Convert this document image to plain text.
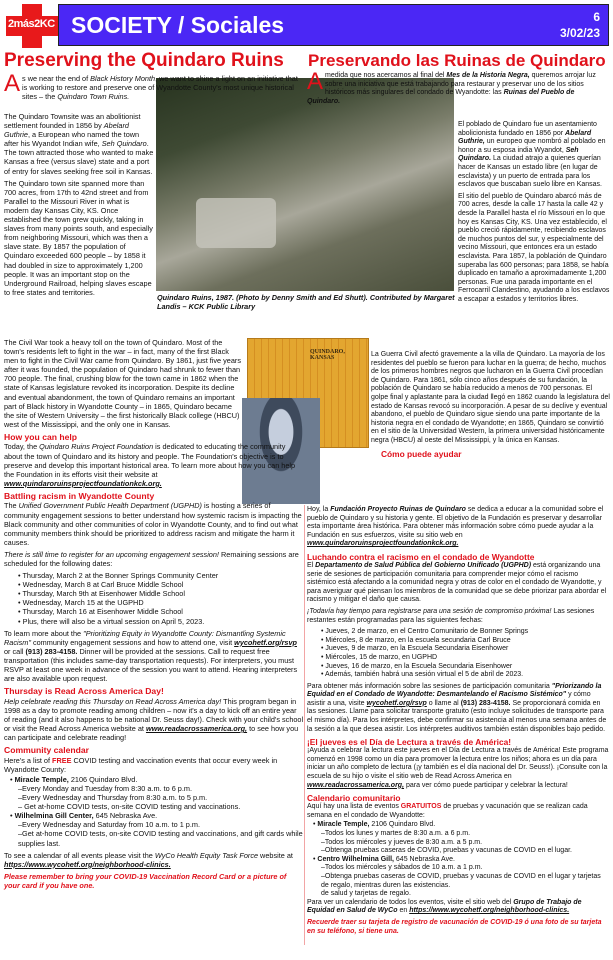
2más2KC SOCIETY / Sociales	6
3/02/23
Preserving the Quindaro Ruins Preservando las Ruinas de Quindaro
Quindaro Ruins, 1987. (Photo by Denny Smith and Ed Shutt). Contributed by Margaret Landis – KCK Public Library
QUINDARO, KANSAS

As we near the end of Black History Month, we want to shine a light on an initiative that is working to restore and preserve one of Wyandotte County's most unique historical sites – the Quindaro Town Ruins.

The Quindaro Townsite was an abolitionist settlement founded in 1856 by Abelard Guthrie, a European who named the town after his Wyandot Indian wife, Seh Quindaro. The town attracted those who wanted to make Kansas a free (versus slave) state and a port of entry for slaves seeking free soil in Kansas.

The Quindaro town site spanned more than 700 acres, from 17th to 42nd street and from Parallel to the Missouri River in what is modern day Kansas City, KS. Once established the town grew quickly, taking in slaves from many points south, and especially from neighboring Missouri, which was then a slave state. By 1857 the population of Quindaro exceeded 600 people – by 1858 it had doubled in size to approximately 1,200 people. It was an important stop on the Underground Railroad, helping slaves escape to free states and territories.

The Civil War took a heavy toll on the town of Quindaro. Most of the town's residents left to fight in the war – in fact, many of the first Black men to fight in the Civil War came from Quindaro. By 1861, just five years after it was founded, the population of Quindaro had shrunk to fewer than 700 people. The final, crushing blow for the town came in 1862 when the state of Kansas legislature revoked its incorporation. Despite its decline and eventual abandonment, the town of Quindaro remains an important part of Black history in Wyandotte County – in 1865, Quindaro became the site of Western University – the first historically Black college (HBCU) west of the Mississippi, and the only one in Kansas.

How you can help

Today, the Quindaro Ruins Project Foundation is dedicated to educating the community about the town of Quindaro and its history and people. The Foundation's objective is to preserve and develop this important historical area. To learn more about how you can help the Foundation in its efforts visit their website at www.quindaroruinsprojectfoundationkck.org.

Battling racism in Wyandotte County

The Unified Government Public Health Department (UGPHD) is hosting a series of community engagement sessions to better understand how systemic racism is impacting the Black community and other communities of color in Wyandotte County, and to find out what community members think should be prioritized to address racism and mitigate the harm it causes.

There is still time to register for an upcoming engagement session! Remaining sessions are scheduled for the following dates:

• Thursday, March 2 at the Bonner Springs Community Center
• Wednesday, March 8 at Carl Bruce Middle School
• Thursday, March 9th at Eisenhower Middle School
• Wednesday, March 15 at the UGPHD
• Thursday, March 16 at Eisenhower Middle School
• Plus, there will also be a virtual session on April 5, 2023.

To learn more about the "Prioritizing Equity in Wyandotte County: Dismantling Systemic Racism" community engagement sessions and how to attend one, visit wycohetf.org/rsvp or call (913) 283-4158. Dinner will be provided at the sessions. Call to request free transportation (this includes same-day transportation requests). For interpreters, you must RSVP at least one week in advance of the session you want to attend. Hearing interpreters are also available upon request.

Thursday is Read Across America Day!

Help celebrate reading this Thursday on Read Across America day! This program began in 1998 as a day to promote reading among children – now it's a day to kick off an entire year of reading (and it also happens to be national Dr. Seuss day!). Check with your child's school or visit the Read Across America website at www.readacrossamerica.org, to see how you can participate and celebrate reading!

Community calendar

Here's a list of FREE COVID testing and vaccination events that occur every week in Wyandotte County:

• Miracle Temple, 2106 Quindaro Blvd.
–Every Monday and Tuesday from 8:30 a.m. to 6 p.m.
–Every Wednesday and Thursday from 8:30 a.m. to 5 p.m.
– Get at-home COVID tests, on-site COVID testing and vaccinations.
• Wilhelmina Gill Center, 645 Nebraska Ave.
–Every Wednesday and Saturday from 10 a.m. to 1 p.m.
–Get at-home COVID tests, on-site COVID testing and vaccinations, and gift cards while supplies last.

To see a calendar of all events please visit the WyCo Health Equity Task Force website at https://www.wycohetf.org/neighborhood-clinics.

Please remember to bring your COVID-19 Vaccination Record Card or a picture of your card if you have one.

Amedida que nos acercamos al final del Mes de la Historia Negra, queremos arrojar luz sobre una iniciativa que está trabajando para restaurar y preservar uno de los sitios históricos más singulares del condado de Wyandotte: las Ruinas del Pueblo de Quindaro.

El poblado de Quindaro fue un asentamiento abolicionista fundado en 1856 por Abelard Guthrie, un europeo que nombró al poblado en honor a su esposa india Wyandot, Seh Quindaro. La ciudad atrajo a quienes querían hacer de Kansas un estado libre (en lugar de esclavista) y un puerto de entrada para los esclavos que buscaban suelo libre en Kansas.

El sitio del pueblo de Quindaro abarcó más de 700 acres, desde la calle 17 hasta la calle 42 y desde la Parallel hasta el río Missouri en lo que hoy es Kansas City, KS. Una vez establecido, el pueblo creció rápidamente, recibiendo esclavos de muchos puntos del sur, y especialmente del vecino Missouri, que entonces era un estado esclavista. Para 1857, la población de Quindaro superaba las 600 personas; para 1858, se había duplicado en tamaño a aproximadamente 1,200 personas. Fue una parada importante en el Ferrocarril Clandestino, ayudando a los esclavos a escapar a estados y territorios libres.

La Guerra Civil afectó gravemente a la villa de Quindaro. La mayoría de los residentes del pueblo se fueron para luchar en la guerra; de hecho, muchos de los primeros hombres negros que lucharon en la Guerra Civil procedían de Quindaro. Para 1861, sólo cinco años después de su fundación, la población de Quindaro se había reducido a menos de 700 personas. El golpe final y aplastante para la ciudad llegó en 1862 cuando la legislatura del estado de Kansas revocó su incorporación. A pesar de su declive y eventual abandono, el pueblo de Quindaro sigue siendo una parte importante de la historia negra en el condado de Wyandotte; en 1865, Quindaro se convirtió en el sitio de la Universidad Western, la primera universidad históricamente negra (HBCU) al oeste del Mississippi, y la única en Kansas.

Cómo puede ayudar

Hoy, la Fundación Proyecto Ruinas de Quindaro se dedica a educar a la comunidad sobre el pueblo de Quindaro y su historia y gente. El objetivo de la Fundación es preservar y desarrollar esta importante área histórica. Para obtener más información sobre cómo puede ayudar a la Fundación en sus esfuerzos, visite su sitio web en www.quindaroruinsprojectfoundationkck.org.

Luchando contra el racismo en el condado de Wyandotte

El Departamento de Salud Pública del Gobierno Unificado (UGPHD) está organizando una serie de sesiones de participación comunitaria para comprender mejor cómo el racismo sistémico está afectando a la comunidad negra y otras de color en el condado de Wyandotte, y para averiguar qué piensan los miembros de la comunidad que se debe priorizar para abordar el racismo y mitigar el daño que causa.

¡Todavía hay tiempo para registrarse para una sesión de compromiso próxima! Las sesiones restantes están programadas para las siguientes fechas:

• Jueves, 2 de marzo, en el Centro Comunitario de Bonner Springs
• Miércoles, 8 de marzo, en la escuela secundaria Carl Bruce
• Jueves, 9 de marzo, en la Escuela Secundaria Eisenhower
• Miércoles, 15 de marzo, en UGPHD
• Jueves, 16 de marzo, en la Escuela Secundaria Eisenhower
• Además, también habrá una sesión virtual el 5 de abril de 2023.

Para obtener más información sobre las sesiones de participación comunitaria "Priorizando la Equidad en el Condado de Wyandotte: Desmantelando el Racismo Sistémico" y cómo asistir a una, visite wycohetf.org/rsvp o llame al (913) 283-4158. Se proporcionará comida en las sesiones. Llame para solicitar transporte gratuito (esto incluye solicitudes de transporte para el mismo día). Para los intérpretes, debe confirmar su asistencia al menos una semana antes de la sesión a la que desea asistir. Los intérpretes auditivos también están disponibles bajo pedido.

¡El jueves es el Día de Lectura a través de América!

¡Ayuda a celebrar la lectura este jueves en el Día de Lectura a través de América! Este programa comenzó en 1998 como un día para promover la lectura entre los niños; ahora es un día para iniciar un año completo de lectura (¡y también es el día nacional del Dr. Seuss!). ¡Consulte con la escuela de su hijo o visite el sitio web de Read Across America en www.readacrossamerica.org, para ver cómo puede participar y celebrar la lectura!

Calendario comunitario

Aquí hay una lista de eventos GRATUITOS de pruebas y vacunación que se realizan cada semana en el condado de Wyandotte:

• Miracle Temple, 2106 Quindaro Blvd.
–Todos los lunes y martes de 8:30 a.m. a 6 p.m.
–Todos los miércoles y jueves de 8:30 a.m. a 5 p.m.
–Obtenga pruebas caseras de COVID, pruebas y vacunas de COVID en el lugar.
• Centro Wilhelmina Gill, 645 Nebraska Ave.
–Todos los miércoles y sábados de 10 a.m. a 1 p.m.
–Obtenga pruebas caseras de COVID, pruebas y vacunas de COVID en el lugar y tarjetas de regalo, mientras duren las existencias.
de salud y tarjetas de regalo.

Para ver un calendario de todos los eventos, visite el sitio web del Grupo de Trabajo de Equidad en Salud de WyCo en https://www.wycohetf.org/neighborhood-clinics.

Recuerde traer su tarjeta de registro de vacunación de COVID-19 ó una foto de su tarjeta en su teléfono, si tiene una.
